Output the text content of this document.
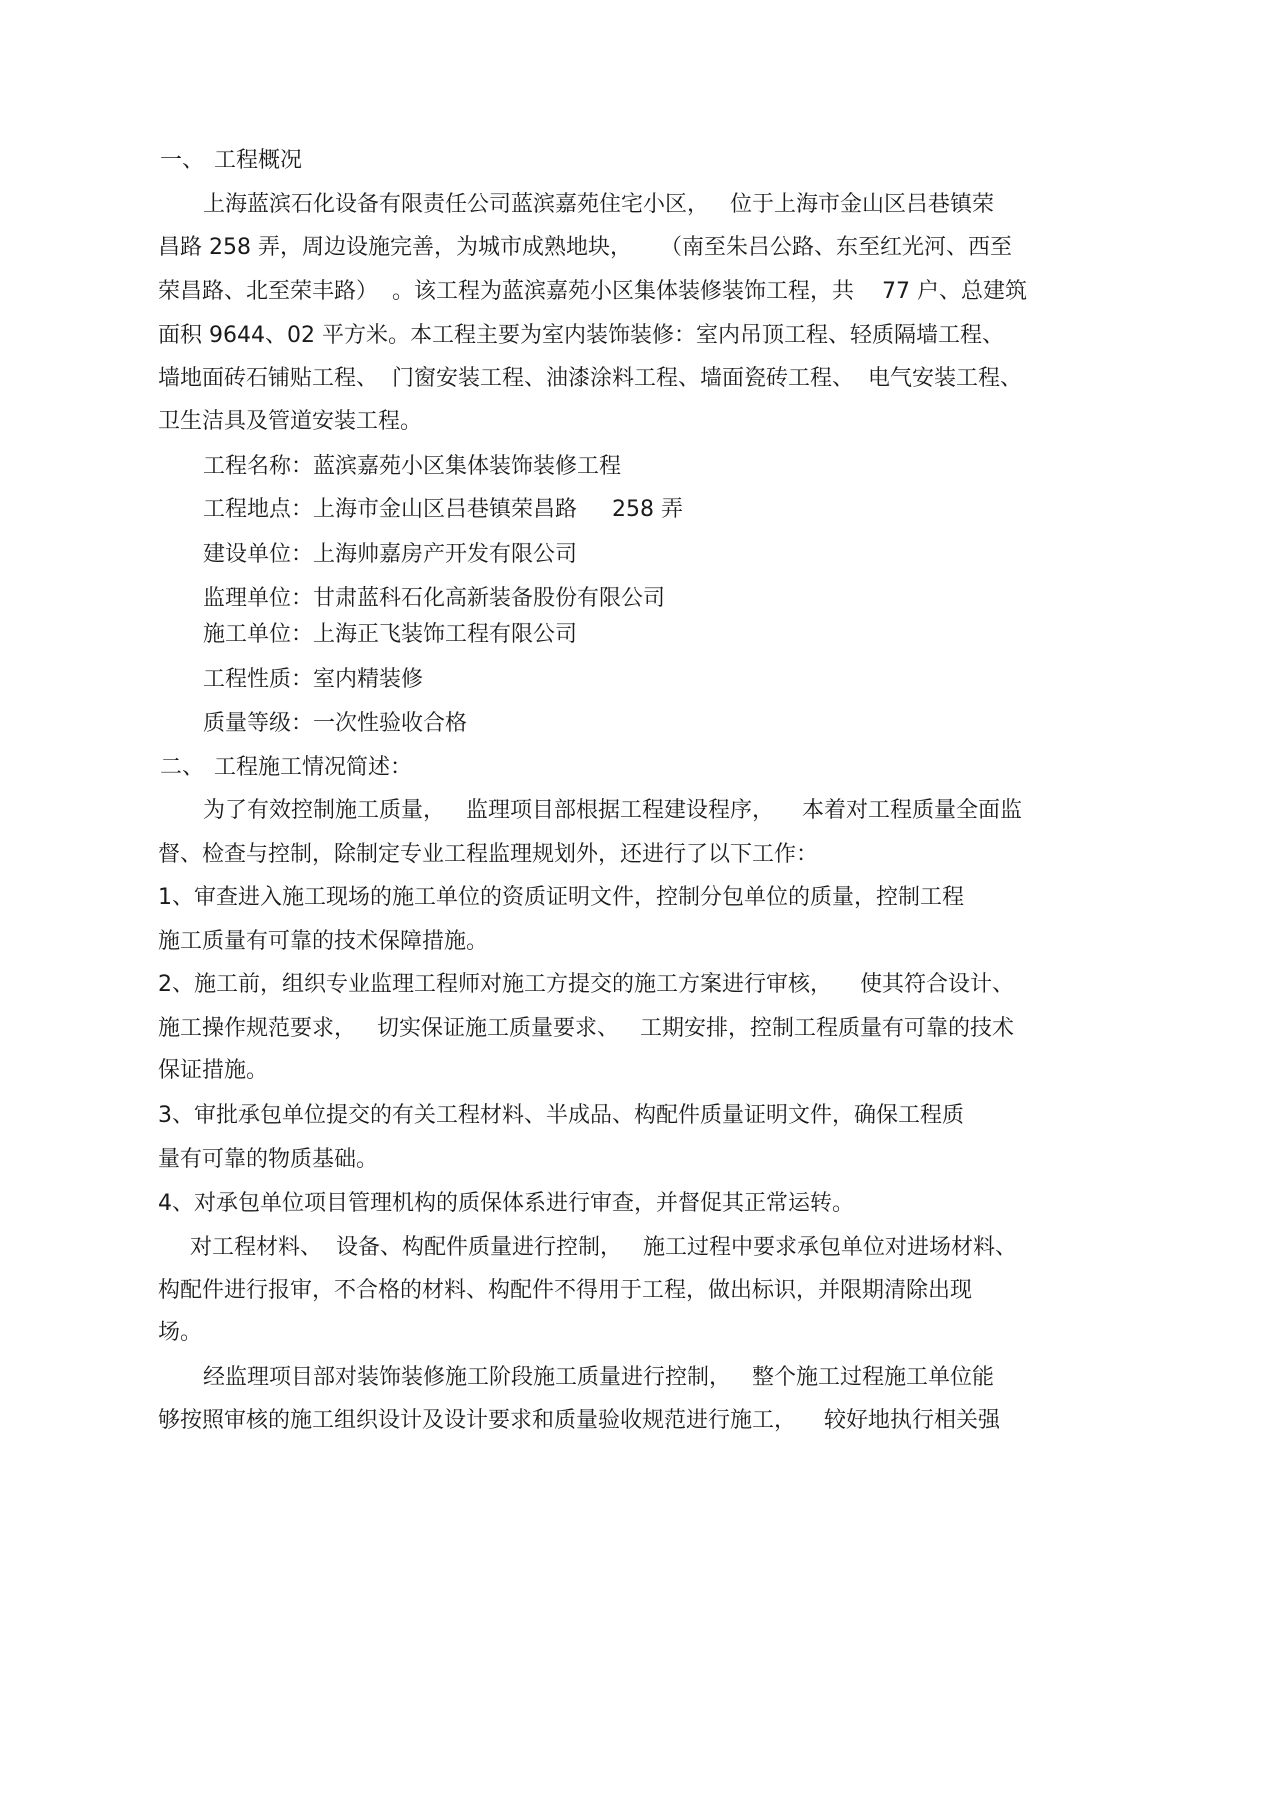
一、 工程概况
上海蓝滨石化设备有限责任公司蓝滨嘉苑住宅小区，   位于上海市金山区吕巷镇荣
昌路 258 弄，周边设施完善，为城市成熟地块，    （南至朱吕公路、东至红光河、西至
荣昌路、北至荣丰路）  。该工程为蓝滨嘉苑小区集体装修装饰工程，共    77 户、总建筑
面积 9644、02 平方米。本工程主要为室内装饰装修：室内吊顶工程、轻质隔墙工程、
墙地面砖石铺贴工程、  门窗安装工程、油漆涂料工程、墙面瓷砖工程、  电气安装工程、
卫生洁具及管道安装工程。
工程名称：蓝滨嘉苑小区集体装饰装修工程
工程地点：上海市金山区吕巷镇荣昌路     258 弄
建设单位：上海帅嘉房产开发有限公司
监理单位：甘肃蓝科石化高新装备股份有限公司
施工单位：上海正飞装饰工程有限公司
工程性质：室内精装修
质量等级：一次性验收合格
二、 工程施工情况简述：
为了有效控制施工质量，   监理项目部根据工程建设程序，    本着对工程质量全面监
督、检查与控制，除制定专业工程监理规划外，还进行了以下工作：
1、审查进入施工现场的施工单位的资质证明文件，控制分包单位的质量，控制工程
施工质量有可靠的技术保障措施。
2、施工前，组织专业监理工程师对施工方提交的施工方案进行审核，    使其符合设计、
施工操作规范要求，   切实保证施工质量要求、   工期安排，控制工程质量有可靠的技术
保证措施。
3、审批承包单位提交的有关工程材料、半成品、构配件质量证明文件，确保工程质
量有可靠的物质基础。
4、对承包单位项目管理机构的质保体系进行审查，并督促其正常运转。
对工程材料、  设备、构配件质量进行控制，   施工过程中要求承包单位对进场材料、
构配件进行报审，不合格的材料、构配件不得用于工程，做出标识，并限期清除出现
场。
经监理项目部对装饰装修施工阶段施工质量进行控制，   整个施工过程施工单位能
够按照审核的施工组织设计及设计要求和质量验收规范进行施工，    较好地执行相关强
